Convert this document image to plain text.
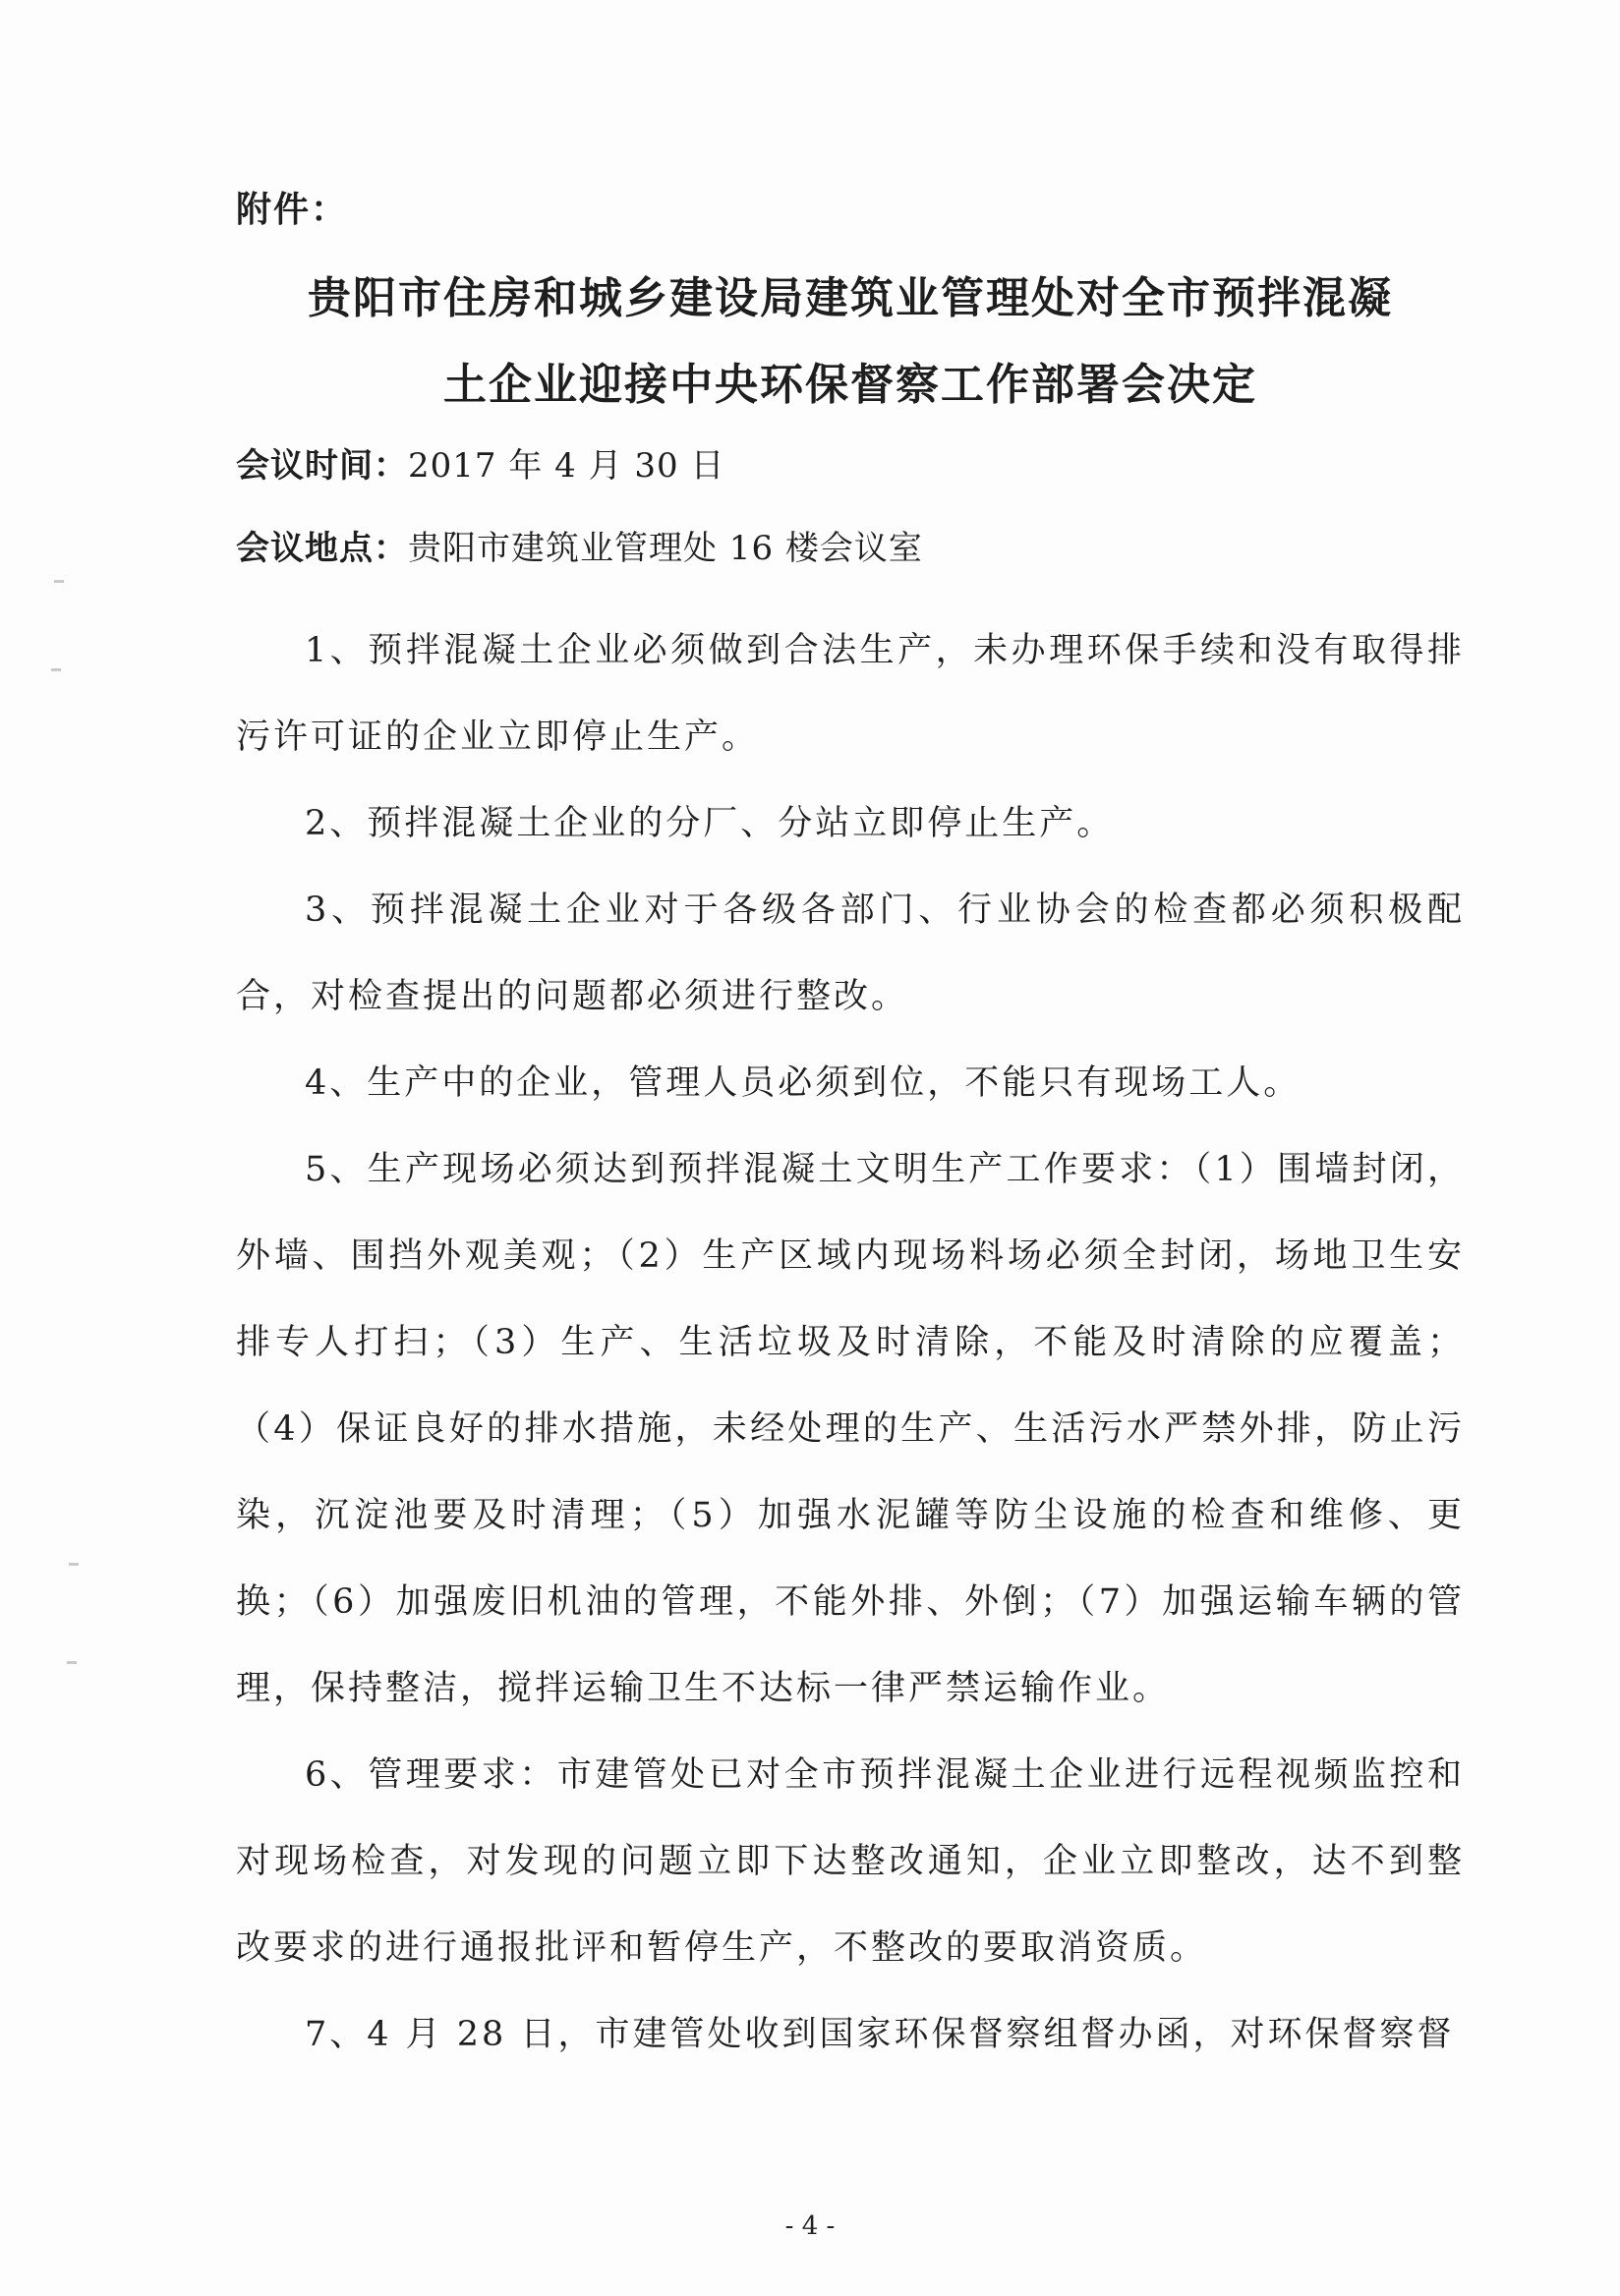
附件：
贵阳市住房和城乡建设局建筑业管理处对全市预拌混凝
土企业迎接中央环保督察工作部署会决定
会议时间：2017 年 4 月 30 日
会议地点：贵阳市建筑业管理处 16 楼会议室

1、预拌混凝土企业必须做到合法生产，未办理环保手续和没有取得排污许可证的企业立即停止生产。

2、预拌混凝土企业的分厂、分站立即停止生产。

3、预拌混凝土企业对于各级各部门、行业协会的检查都必须积极配合，对检查提出的问题都必须进行整改。

4、生产中的企业，管理人员必须到位，不能只有现场工人。

5、生产现场必须达到预拌混凝土文明生产工作要求：（1）围墙封闭，外墙、围挡外观美观；（2）生产区域内现场料场必须全封闭，场地卫生安排专人打扫；（3）生产、生活垃圾及时清除，不能及时清除的应覆盖；（4）保证良好的排水措施，未经处理的生产、生活污水严禁外排，防止污染，沉淀池要及时清理；（5）加强水泥罐等防尘设施的检查和维修、更换；（6）加强废旧机油的管理，不能外排、外倒；（7）加强运输车辆的管理，保持整洁，搅拌运输卫生不达标一律严禁运输作业。

6、管理要求：市建管处已对全市预拌混凝土企业进行远程视频监控和对现场检查，对发现的问题立即下达整改通知，企业立即整改，达不到整改要求的进行通报批评和暂停生产，不整改的要取消资质。

7、4 月 28 日，市建管处收到国家环保督察组督办函，对环保督察督

- 4 -
